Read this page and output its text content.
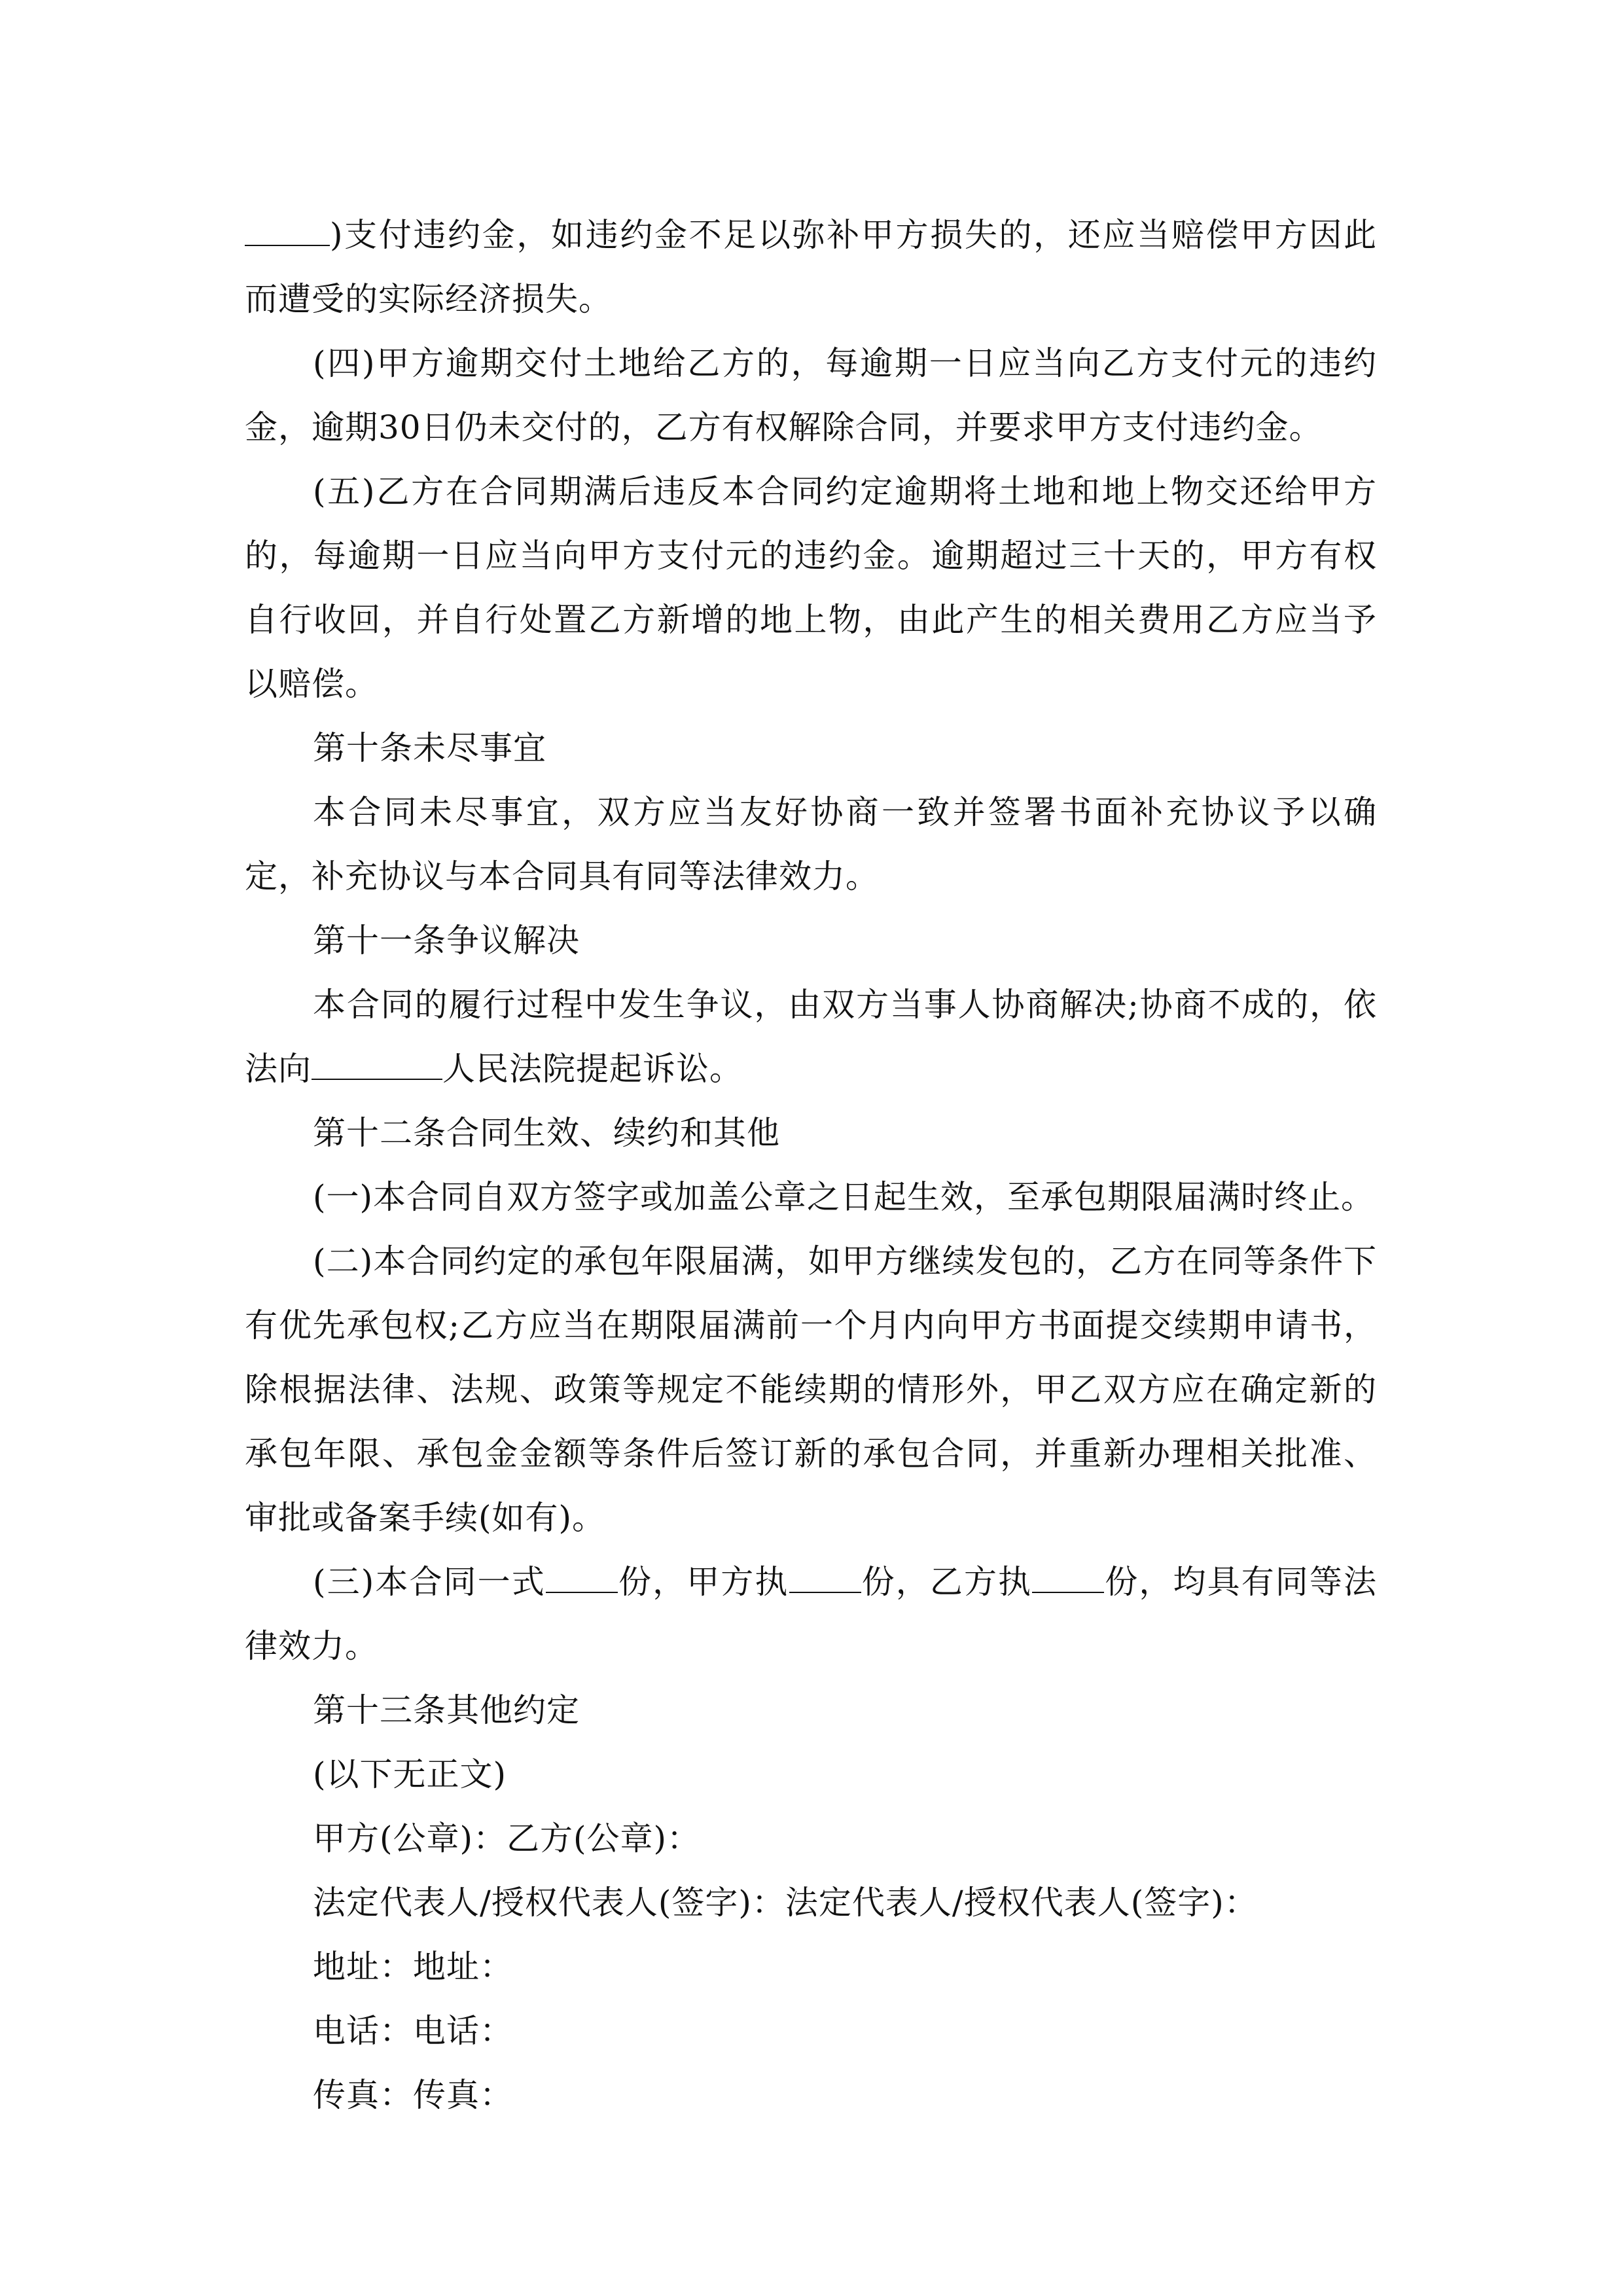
)支付违约金，如违约金不足以弥补甲方损失的，还应当赔偿甲方因此而遭受的实际经济损失。

(四)甲方逾期交付土地给乙方的，每逾期一日应当向乙方支付元的违约金，逾期30日仍未交付的，乙方有权解除合同，并要求甲方支付违约金。

(五)乙方在合同期满后违反本合同约定逾期将土地和地上物交还给甲方的，每逾期一日应当向甲方支付元的违约金。逾期超过三十天的，甲方有权自行收回，并自行处置乙方新增的地上物，由此产生的相关费用乙方应当予以赔偿。

第十条未尽事宜

本合同未尽事宜，双方应当友好协商一致并签署书面补充协议予以确定，补充协议与本合同具有同等法律效力。

第十一条争议解决

本合同的履行过程中发生争议，由双方当事人协商解决;协商不成的，依法向	人民法院提起诉讼。

第十二条合同生效、续约和其他

(一)本合同自双方签字或加盖公章之日起生效，至承包期限届满时终止。

(二)本合同约定的承包年限届满，如甲方继续发包的，乙方在同等条件下有优先承包权;乙方应当在期限届满前一个月内向甲方书面提交续期申请书，除根据法律、法规、政策等规定不能续期的情形外，甲乙双方应在确定新的承包年限、承包金金额等条件后签订新的承包合同，并重新办理相关批准、审批或备案手续(如有)。

(三)本合同一式 份，甲方执 份，乙方执 份，均具有同等法律效力。

第十三条其他约定

(以下无正文)

甲方(公章)：乙方(公章)：

法定代表人/授权代表人(签字)：法定代表人/授权代表人(签字)：

地址：地址：

电话：电话：

传真：传真：
